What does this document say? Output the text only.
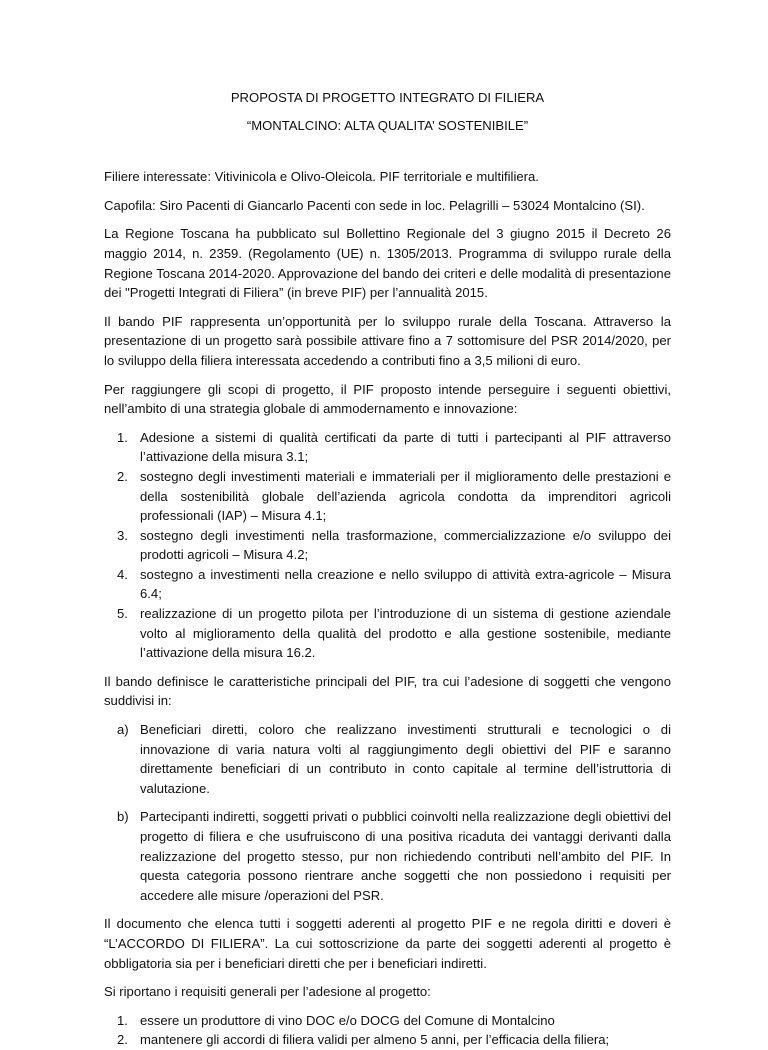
PROPOSTA DI PROGETTO INTEGRATO DI FILIERA

“MONTALCINO: ALTA QUALITA’ SOSTENIBILE”

Filiere interessate: Vitivinicola e Olivo-Oleicola. PIF territoriale e multifiliera.

Capofila: Siro Pacenti di Giancarlo Pacenti con sede in loc. Pelagrilli – 53024 Montalcino (SI).

La Regione Toscana ha pubblicato sul Bollettino Regionale del 3 giugno 2015 il Decreto 26 maggio 2014, n. 2359. (Regolamento (UE) n. 1305/2013. Programma di sviluppo rurale della Regione Toscana 2014-2020. Approvazione del bando dei criteri e delle modalità di presentazione dei "Progetti Integrati di Filiera” (in breve PIF) per l’annualità 2015.

Il bando PIF rappresenta un’opportunità per lo sviluppo rurale della Toscana. Attraverso la presentazione di un progetto sarà possibile attivare fino a 7 sottomisure del PSR 2014/2020, per lo sviluppo della filiera interessata accedendo a contributi fino a 3,5 milioni di euro.

Per raggiungere gli scopi di progetto, il PIF proposto intende perseguire i seguenti obiettivi, nell’ambito di una strategia globale di ammodernamento e innovazione:

1. Adesione a sistemi di qualità certificati da parte di tutti i partecipanti al PIF attraverso l’attivazione della misura 3.1;
2. sostegno degli investimenti materiali e immateriali per il miglioramento delle prestazioni e della sostenibilità globale dell’azienda agricola condotta da imprenditori agricoli professionali (IAP) – Misura 4.1;
3. sostegno degli investimenti nella trasformazione, commercializzazione e/o sviluppo dei prodotti agricoli – Misura 4.2;
4. sostegno a investimenti nella creazione e nello sviluppo di attività extra-agricole – Misura 6.4;
5. realizzazione di un progetto pilota per l’introduzione di un sistema di gestione aziendale volto al miglioramento della qualità del prodotto e alla gestione sostenibile, mediante l’attivazione della misura 16.2.

Il bando definisce le caratteristiche principali del PIF, tra cui l’adesione di soggetti che vengono suddivisi in:

a) Beneficiari diretti, coloro che realizzano investimenti strutturali e tecnologici o di innovazione di varia natura volti al raggiungimento degli obiettivi del PIF e saranno direttamente beneficiari di un contributo in conto capitale al termine dell’istruttoria di valutazione.
b) Partecipanti indiretti, soggetti privati o pubblici coinvolti nella realizzazione degli obiettivi del progetto di filiera e che usufruiscono di una positiva ricaduta dei vantaggi derivanti dalla realizzazione del progetto stesso, pur non richiedendo contributi nell’ambito del PIF. In questa categoria possono rientrare anche soggetti che non possiedono i requisiti per accedere alle misure /operazioni del PSR.

Il documento che elenca tutti i soggetti aderenti al progetto PIF e ne regola diritti e doveri è “L’ACCORDO DI FILIERA”. La cui sottoscrizione da parte dei soggetti aderenti al progetto è obbligatoria sia per i beneficiari diretti che per i beneficiari indiretti.

Si riportano i requisiti generali per l’adesione al progetto:

1. essere un produttore di vino DOC e/o DOCG del Comune di Montalcino
2. mantenere gli accordi di filiera validi per almeno 5 anni, per l’efficacia della filiera;
